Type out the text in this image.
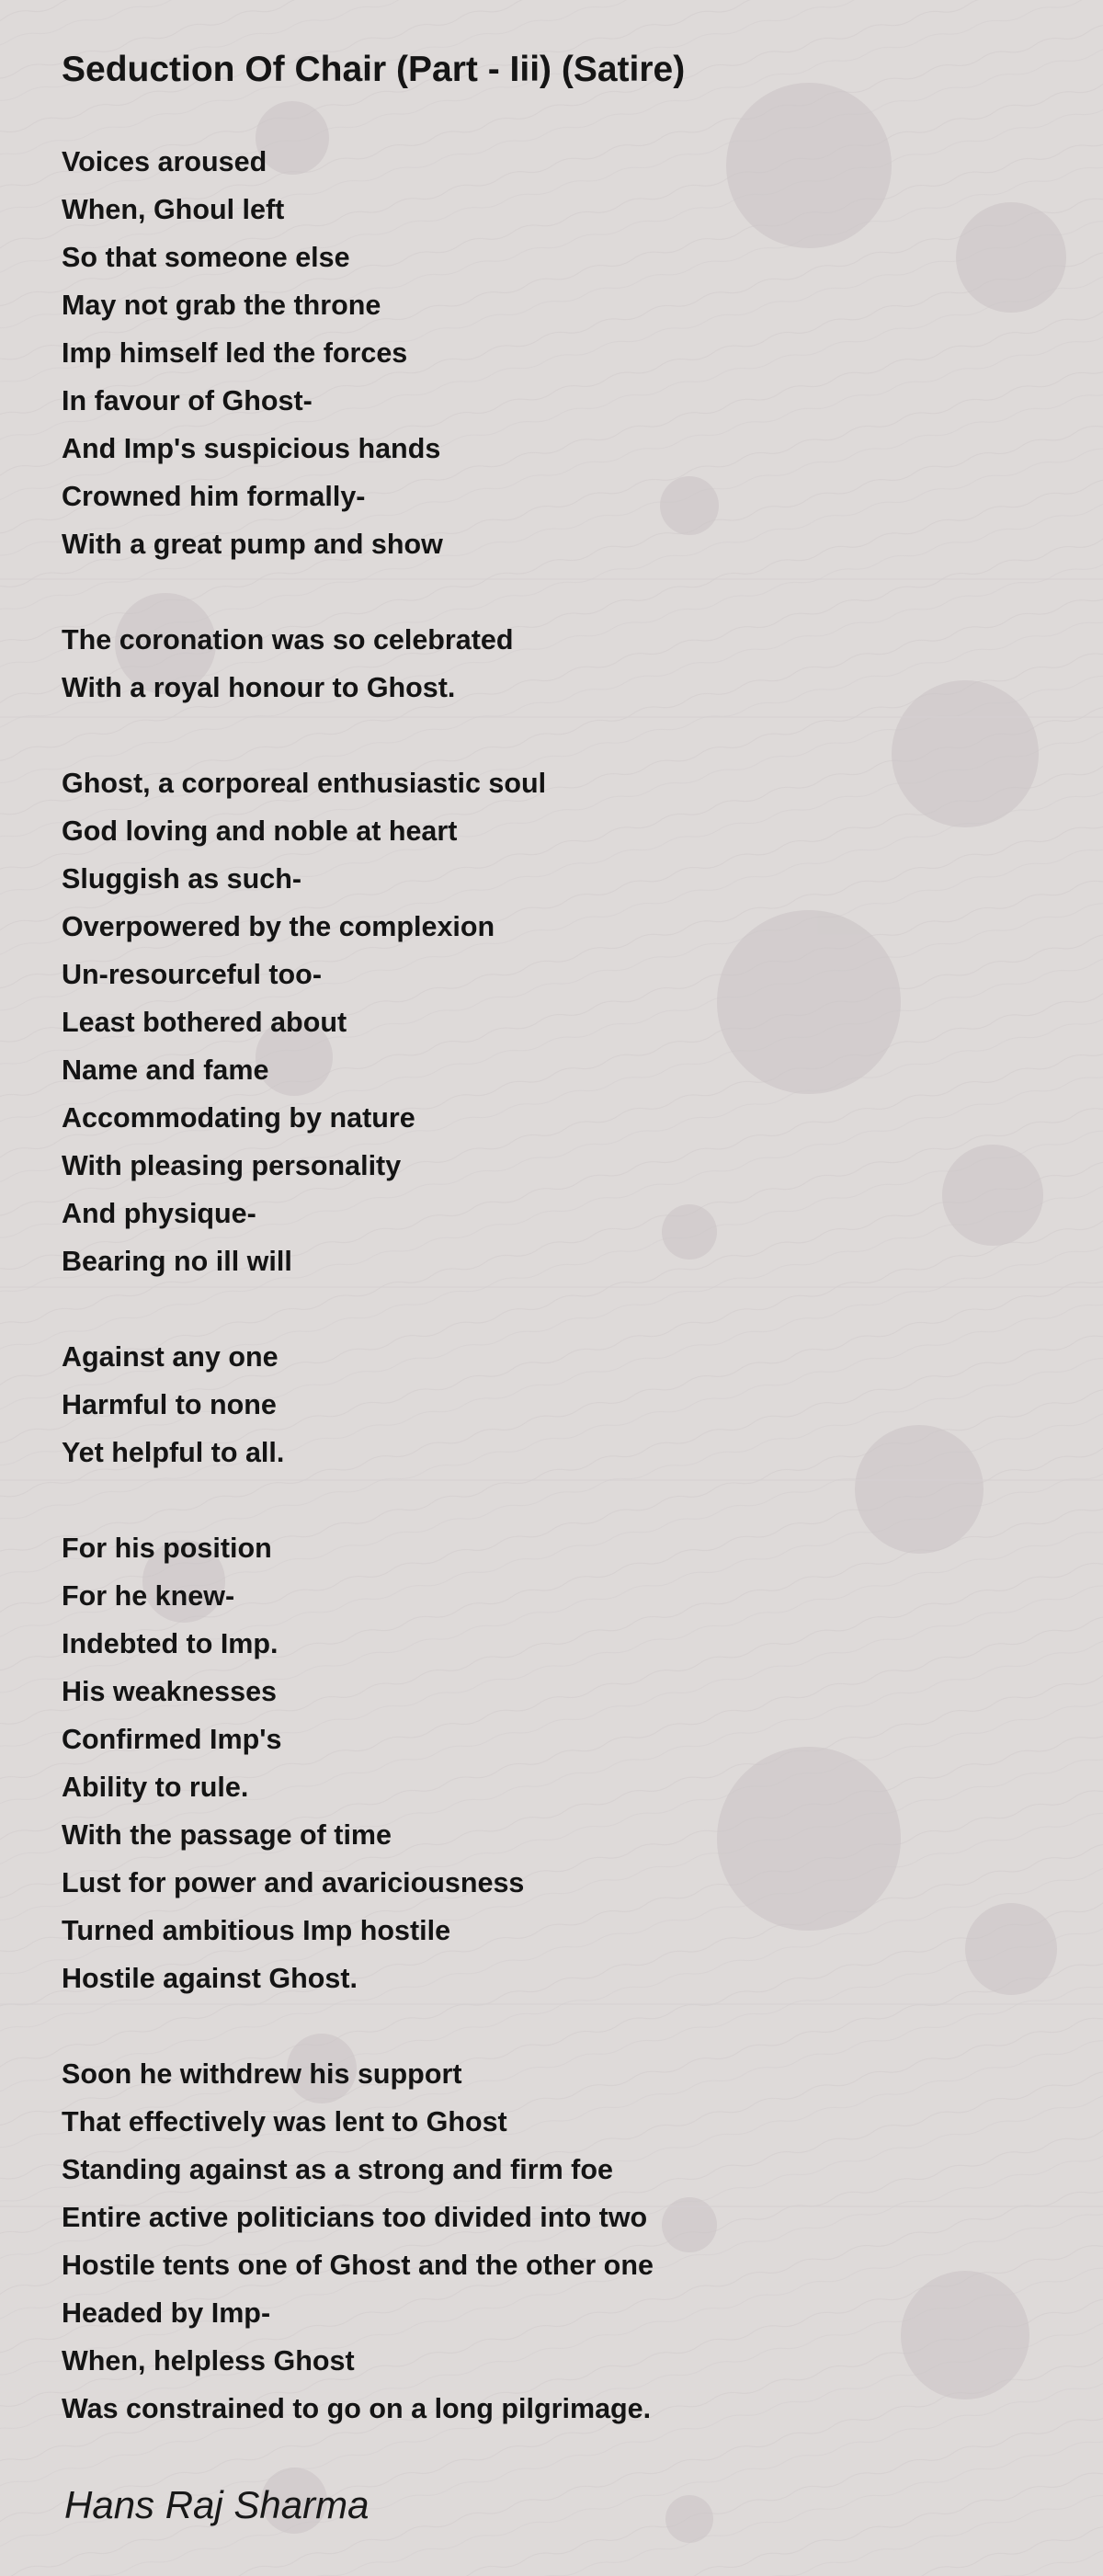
Seduction Of Chair (Part - Iii) (Satire)
Voices aroused
When, Ghoul left
So that someone else
May not grab the throne
Imp himself led the forces
In favour of Ghost-
And Imp's suspicious hands
Crowned him formally-
With a great pump and show
The coronation was so celebrated
With a royal honour to Ghost.
Ghost, a corporeal enthusiastic soul
God loving and noble at heart
Sluggish as such-
Overpowered by the complexion
Un-resourceful too-
Least bothered about
Name and fame
Accommodating by nature
With pleasing personality
And physique-
Bearing no ill will
Against any one
Harmful to none
Yet helpful to all.
For his position
For he knew-
Indebted to Imp.
His weaknesses
Confirmed Imp's
Ability to rule.
With the passage of time
Lust for power and avariciousness
Turned ambitious Imp hostile
Hostile against Ghost.
Soon he withdrew his support
That effectively was lent to Ghost
Standing against as a strong and firm foe
Entire active politicians too divided into two
Hostile tents one of Ghost and the other one
Headed by Imp-
When, helpless Ghost
Was constrained to go on a long pilgrimage.
Hans Raj Sharma
